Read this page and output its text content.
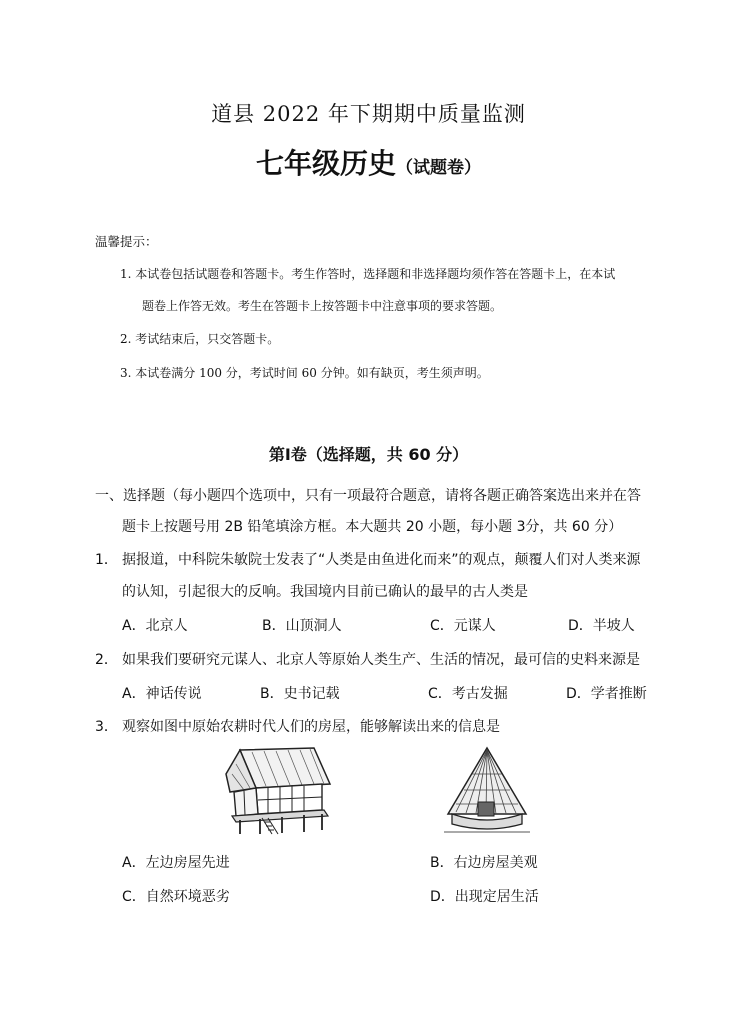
道县 2022 年下期期中质量监测
七年级历史（试题卷）
温馨提示：
1. 本试卷包括试题卷和答题卡。考生作答时，选择题和非选择题均须作答在答题卡上，在本试
题卷上作答无效。考生在答题卡上按答题卡中注意事项的要求答题。
2. 考试结束后，只交答题卡。
3. 本试卷满分 100 分，考试时间 60 分钟。如有缺页，考生须声明。
第Ⅰ卷（选择题，共 60 分）
一、选择题（每小题四个选项中，只有一项最符合题意，请将各题正确答案选出来并在答
题卡上按题号用 2B 铅笔填涂方框。本大题共 20 小题，每小题 3分，共 60 分）
1． 据报道，中科院朱敏院士发表了“人类是由鱼进化而来”的观点，颠覆人们对人类来源
的认知，引起很大的反响。我国境内目前已确认的最早的古人类是
A．北京人	B．山顶洞人	C．元谋人	D．半坡人
2． 如果我们要研究元谋人、北京人等原始人类生产、生活的情况，最可信的史料来源是
A．神话传说	B．史书记载	C．考古发掘	D．学者推断
3． 观察如图中原始农耕时代人们的房屋，能够解读出来的信息是
A．左边房屋先进	B．右边房屋美观
C．自然环境恶劣	D．出现定居生活
